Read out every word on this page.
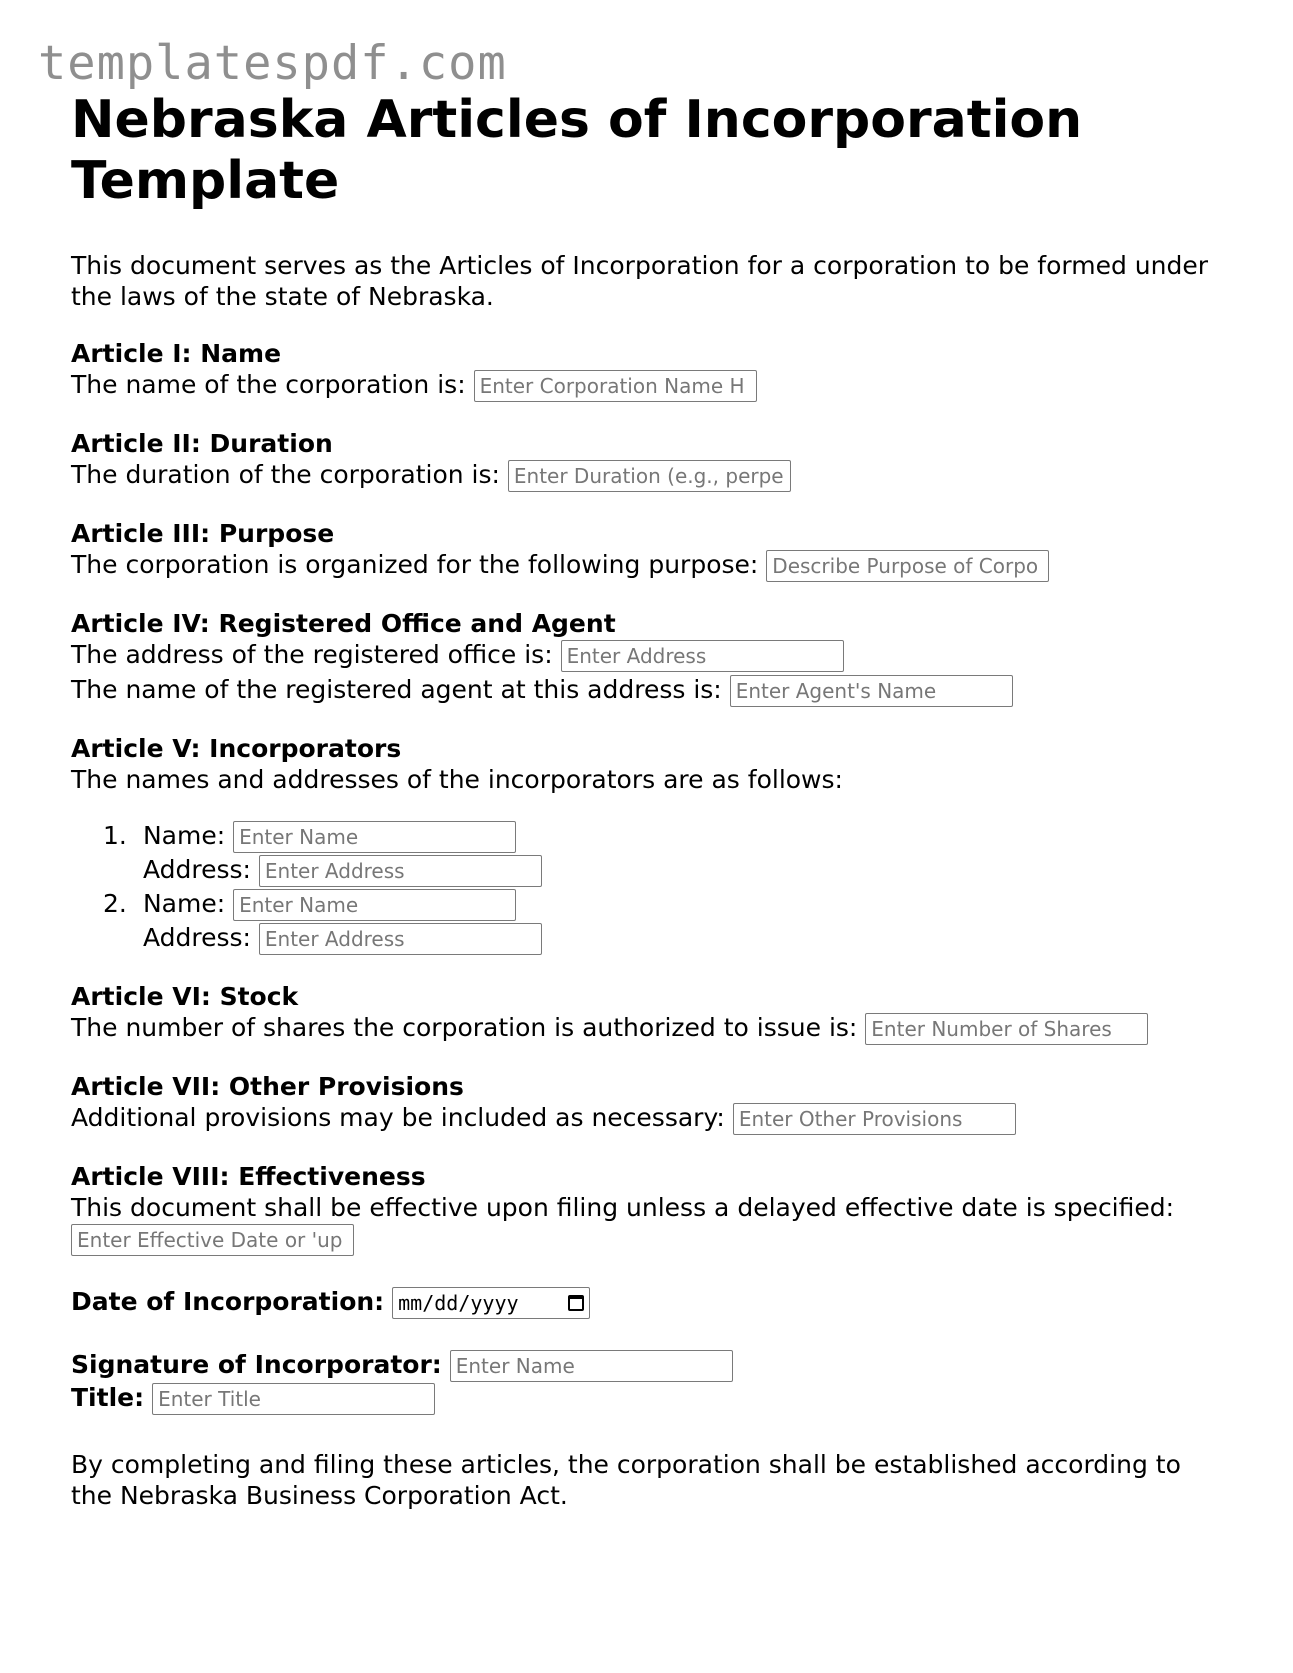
templatespdf.com
Nebraska Articles of Incorporation Template

This document serves as the Articles of Incorporation for a corporation to be formed under the laws of the state of Nebraska.

Article I: Name
The name of the corporation is: Enter Corporation Name H
Article II: Duration
The duration of the corporation is: Enter Duration (e.g., perpe
Article III: Purpose
The corporation is organized for the following purpose: Describe Purpose of Corpo
Article IV: Registered Office and Agent
The address of the registered office is: Enter Address
The name of the registered agent at this address is: Enter Agent's Name
Article V: Incorporators
The names and addresses of the incorporators are as follows:
1. Name: Enter Name
Address: Enter Address
2. Name: Enter Name
Address: Enter Address
Article VI: Stock
The number of shares the corporation is authorized to issue is: Enter Number of Shares
Article VII: Other Provisions
Additional provisions may be included as necessary: Enter Other Provisions
Article VIII: Effectiveness
This document shall be effective upon filing unless a delayed effective date is specified:
Enter Effective Date or 'up
Date of Incorporation: mm/dd/yyyy
Signature of Incorporator: Enter Name
Title: Enter Title

By completing and filing these articles, the corporation shall be established according to the Nebraska Business Corporation Act.
